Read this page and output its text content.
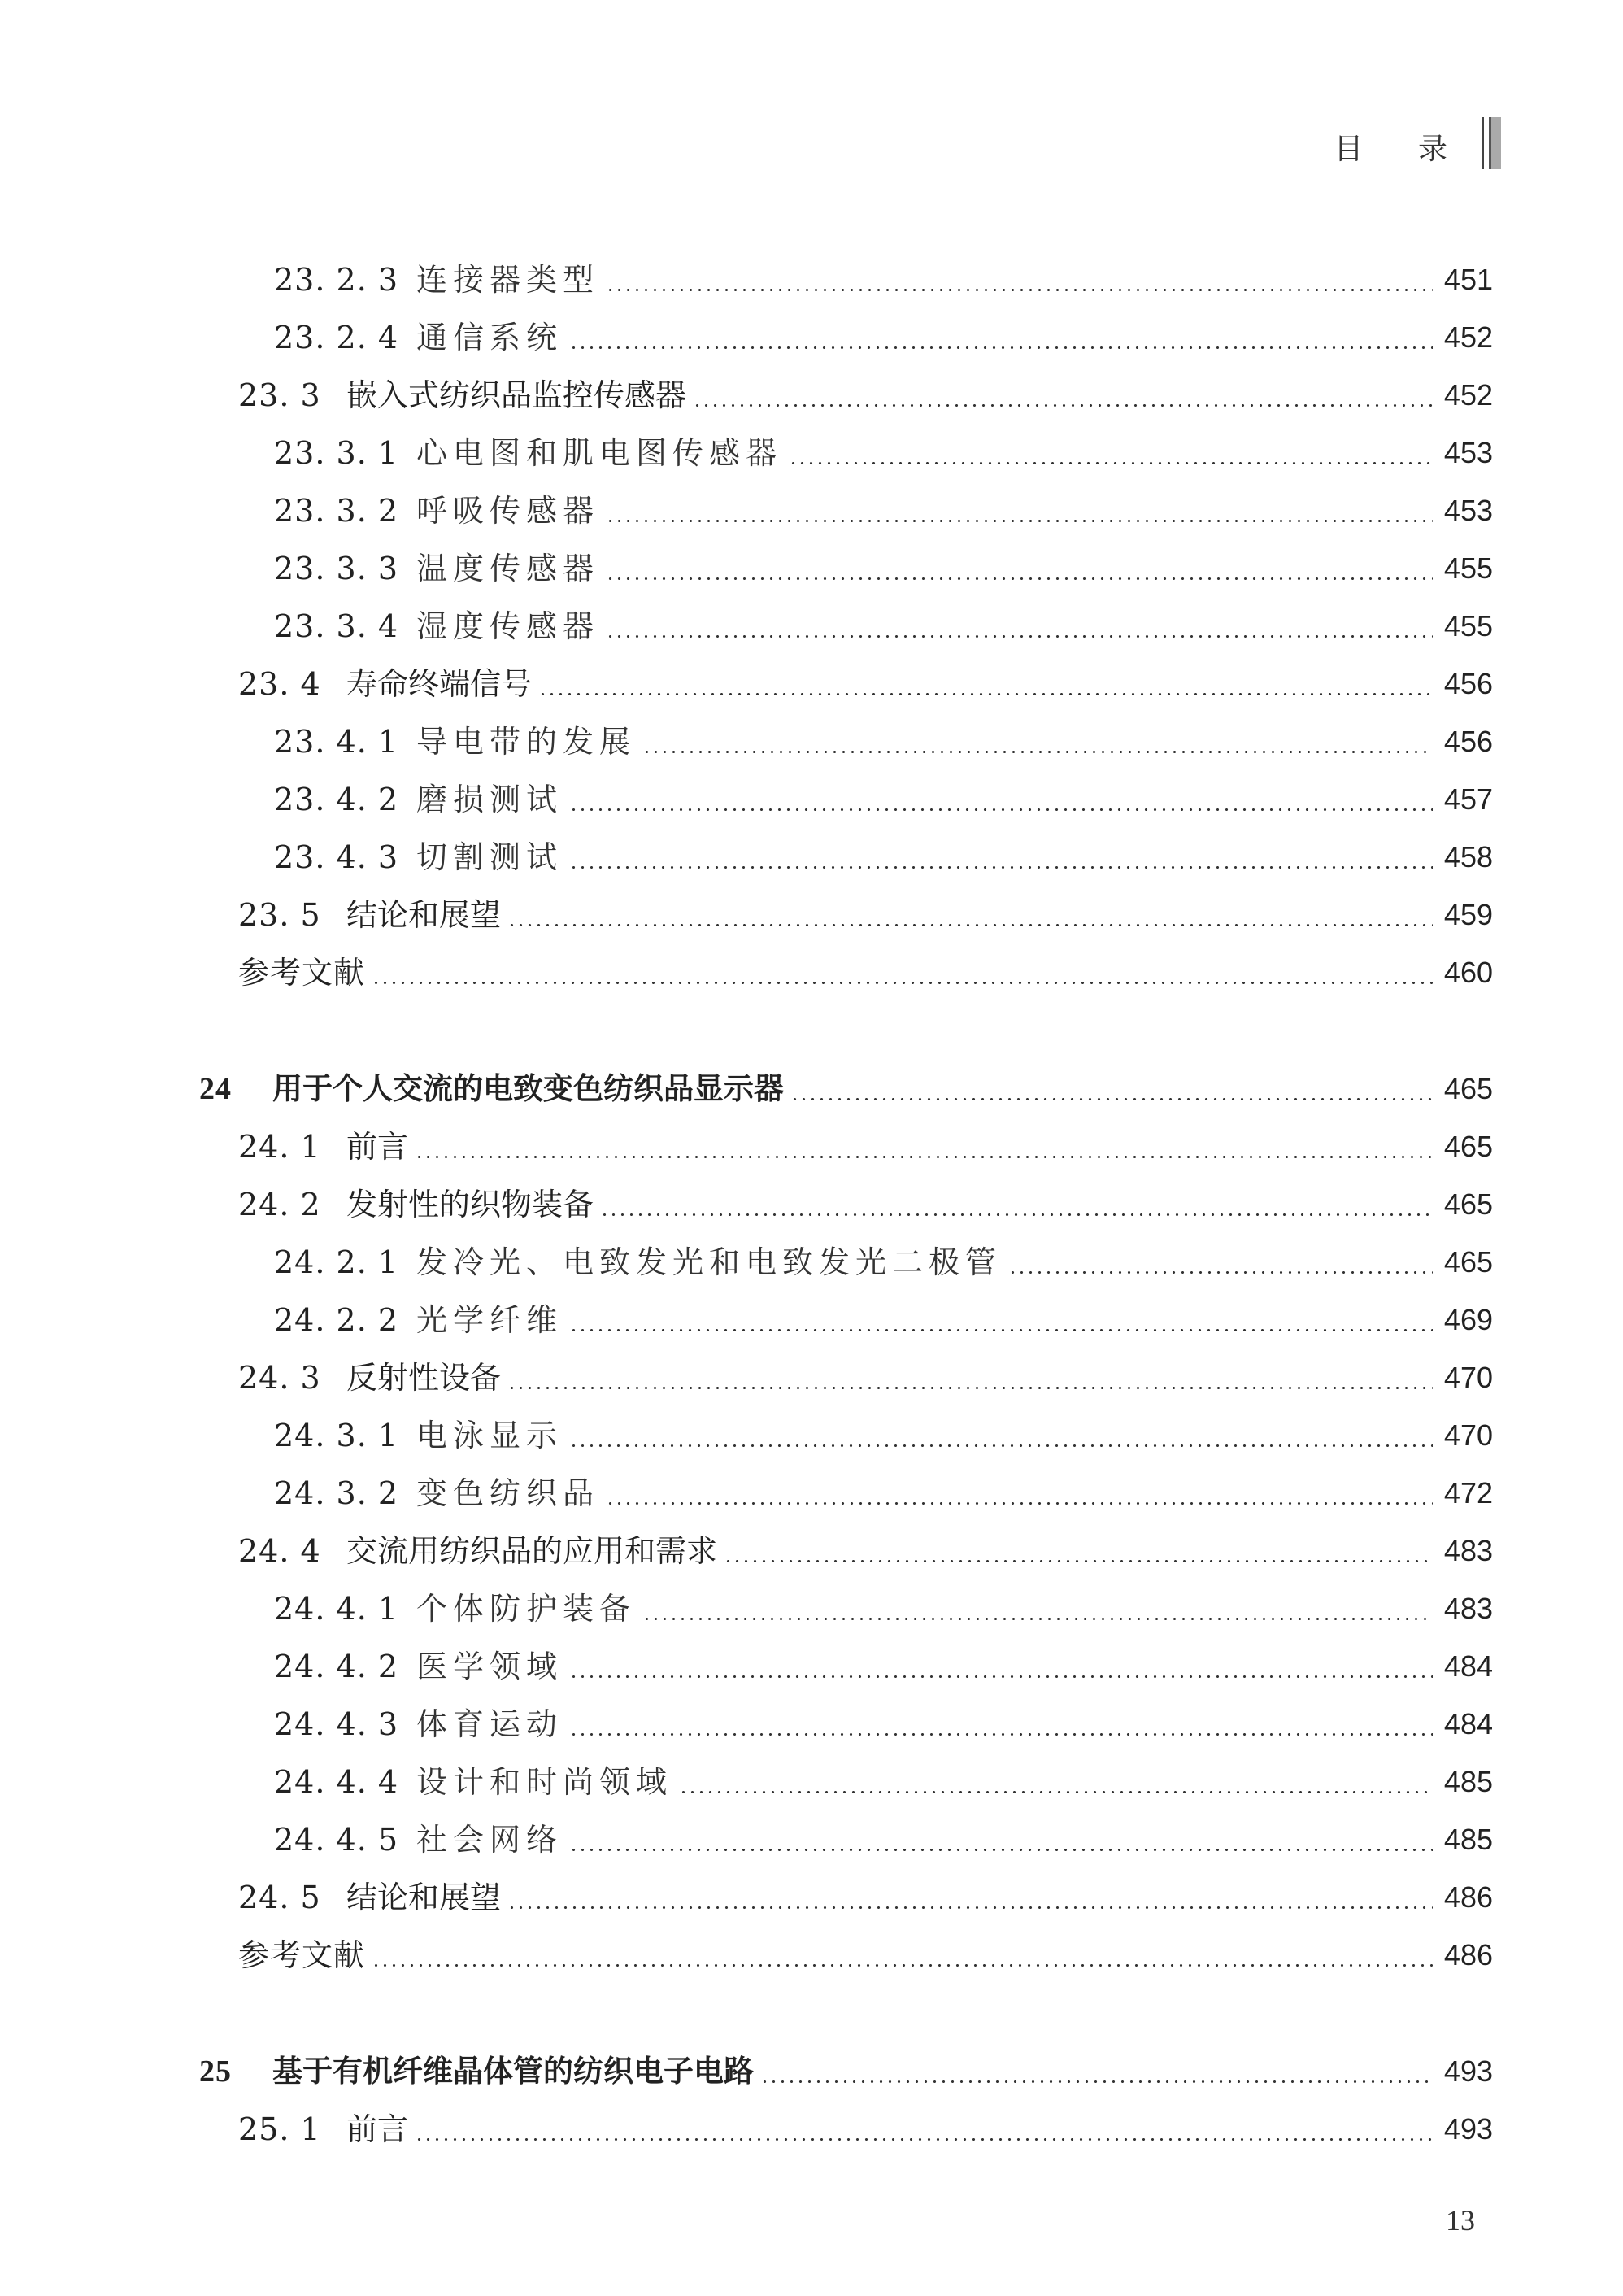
目 录
23. 2. 3 连接器类型	451
23. 2. 4 通信系统	452
23. 3 嵌入式纺织品监控传感器	452
23. 3. 1 心电图和肌电图传感器	453
23. 3. 2 呼吸传感器	453
23. 3. 3 温度传感器	455
23. 3. 4 湿度传感器	455
23. 4 寿命终端信号	456
23. 4. 1 导电带的发展	456
23. 4. 2 磨损测试	457
23. 4. 3 切割测试	458
23. 5 结论和展望	459
参考文献	460
24	用于个人交流的电致变色纺织品显示器	465
24. 1 前言	465
24. 2 发射性的织物装备	465
24. 2. 1 发冷光、电致发光和电致发光二极管	465
24. 2. 2 光学纤维	469
24. 3 反射性设备	470
24. 3. 1 电泳显示	470
24. 3. 2 变色纺织品	472
24. 4 交流用纺织品的应用和需求	483
24. 4. 1 个体防护装备	483
24. 4. 2 医学领域	484
24. 4. 3 体育运动	484
24. 4. 4 设计和时尚领域	485
24. 4. 5 社会网络	485
24. 5 结论和展望	486
参考文献	486
25	基于有机纤维晶体管的纺织电子电路	493
25. 1 前言	493
13
